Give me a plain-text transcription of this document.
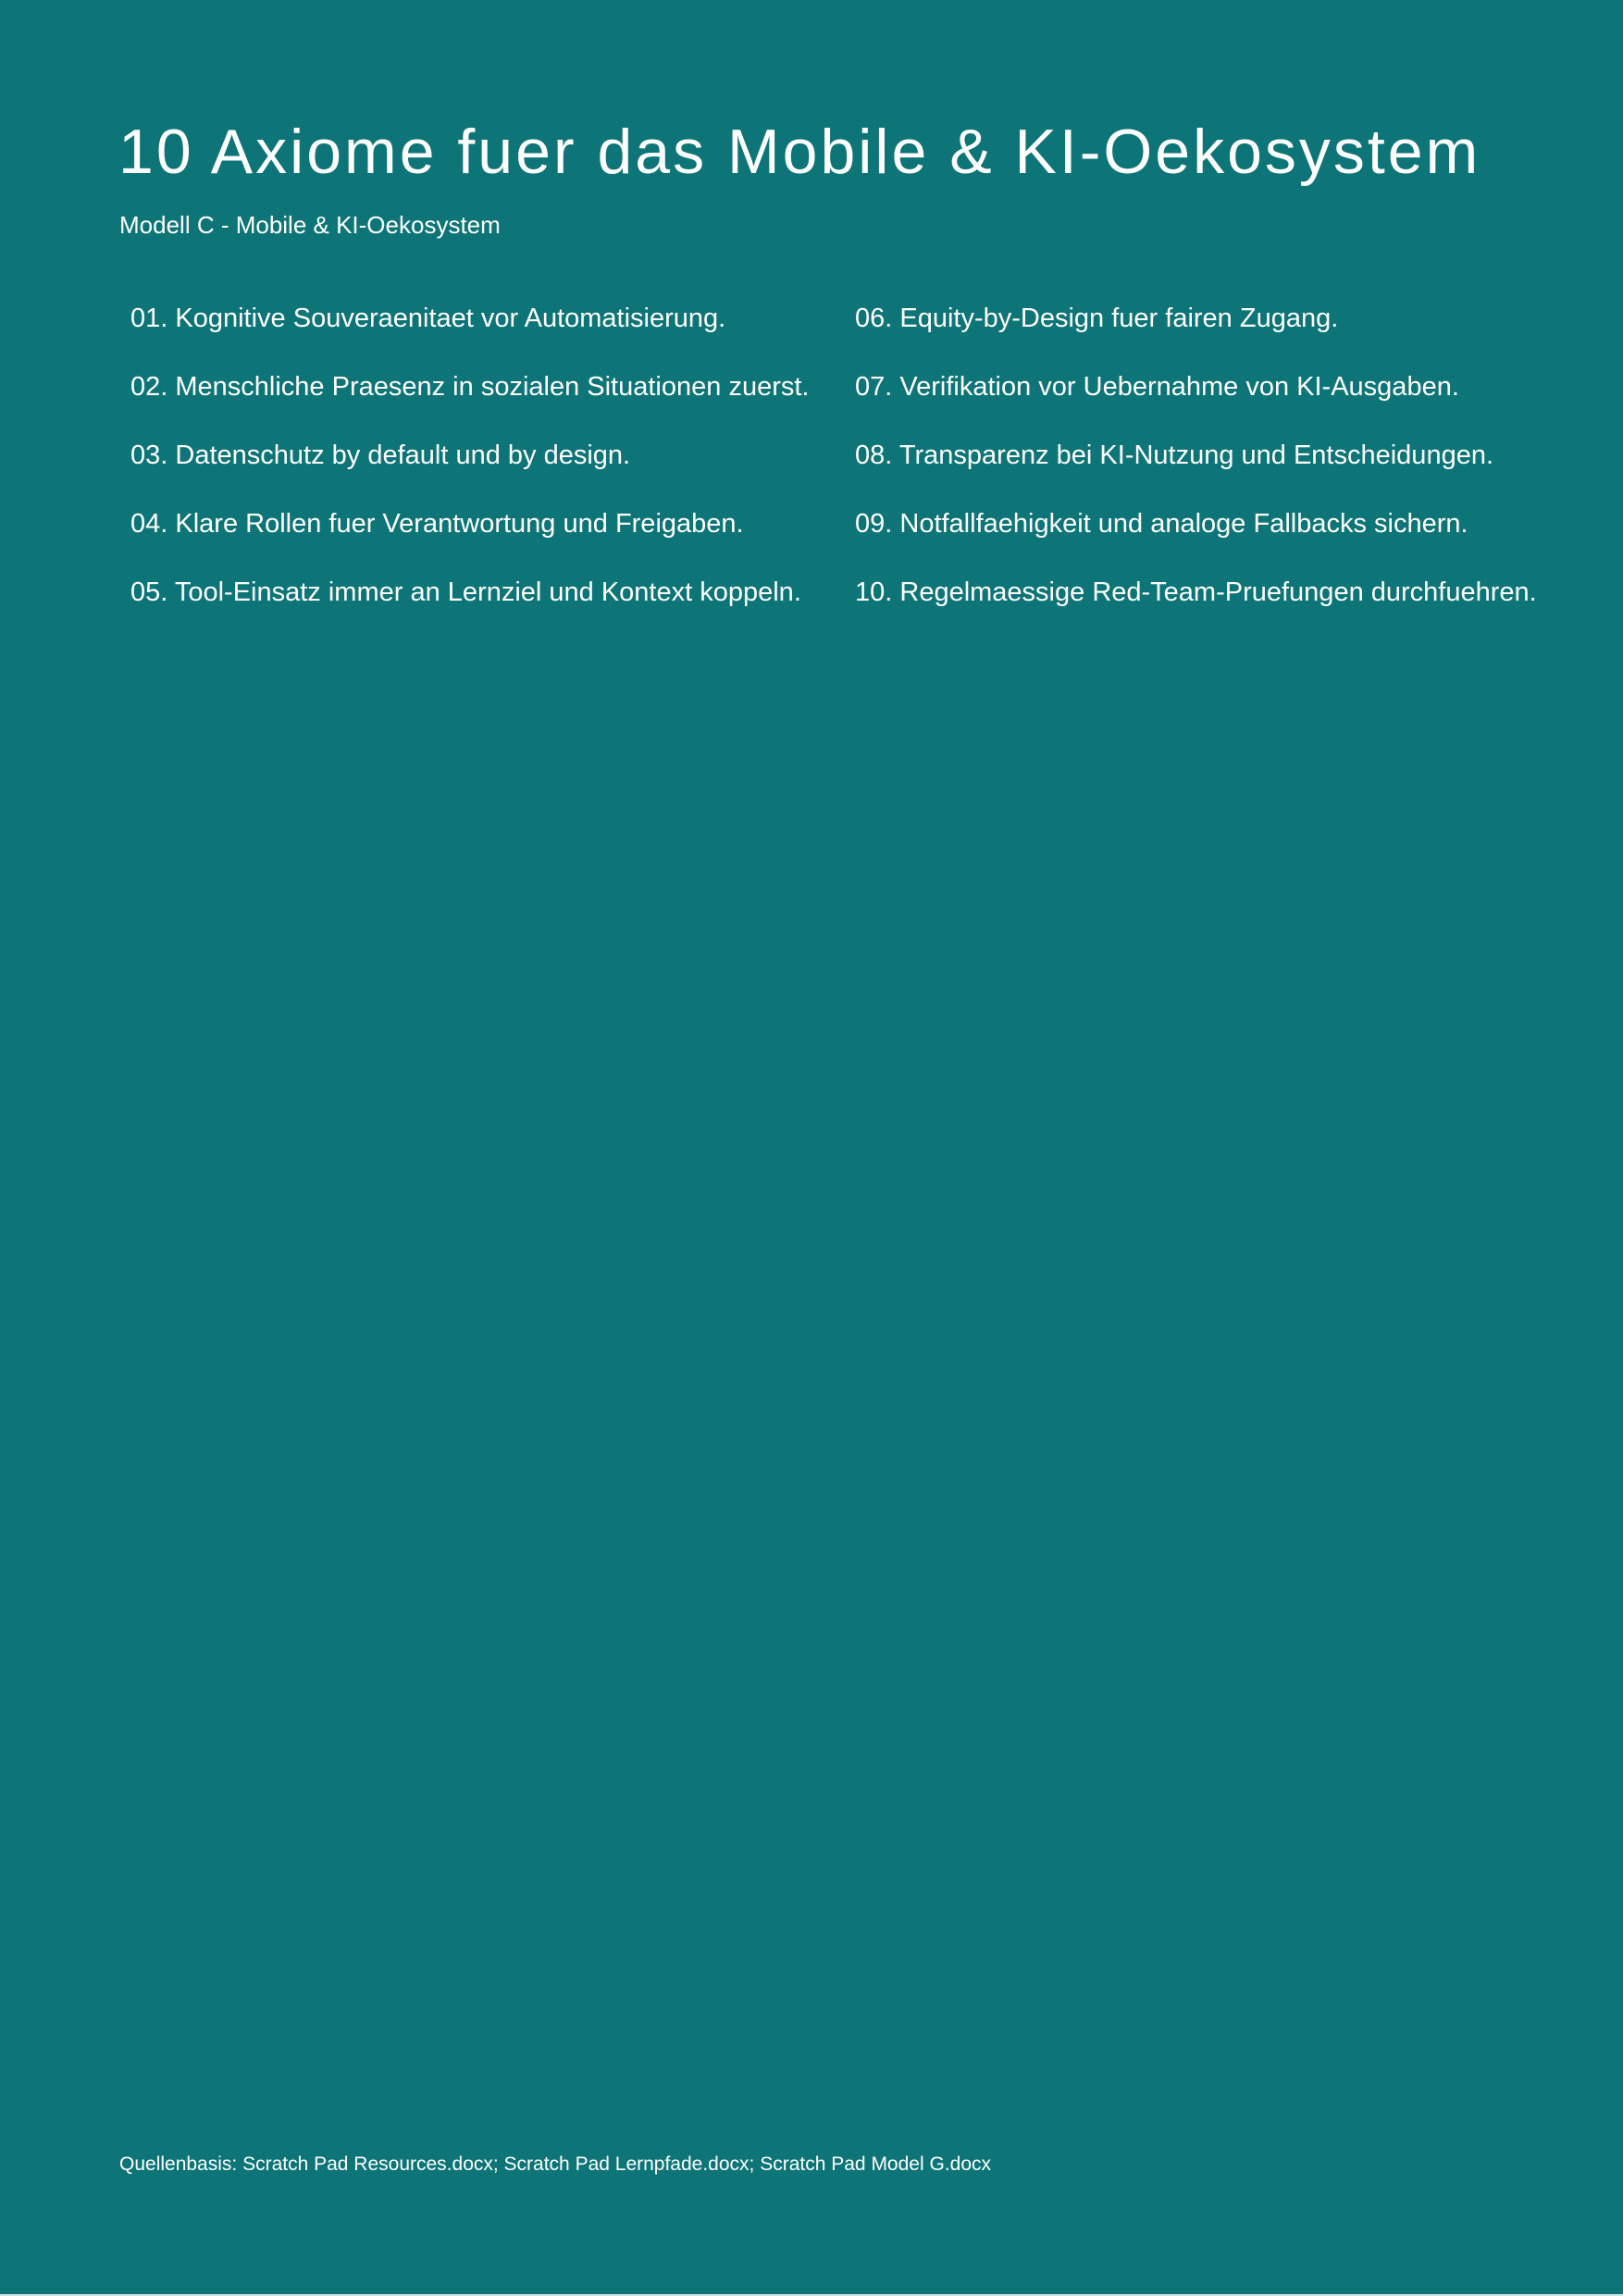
10 Axiome fuer das Mobile & KI-Oekosystem

Modell C - Mobile & KI-Oekosystem

01. Kognitive Souveraenitaet vor Automatisierung.
02. Menschliche Praesenz in sozialen Situationen zuerst.
03. Datenschutz by default und by design.
04. Klare Rollen fuer Verantwortung und Freigaben.
05. Tool-Einsatz immer an Lernziel und Kontext koppeln.
06. Equity-by-Design fuer fairen Zugang.
07. Verifikation vor Uebernahme von KI-Ausgaben.
08. Transparenz bei KI-Nutzung und Entscheidungen.
09. Notfallfaehigkeit und analoge Fallbacks sichern.
10. Regelmaessige Red-Team-Pruefungen durchfuehren.

Quellenbasis: Scratch Pad Resources.docx; Scratch Pad Lernpfade.docx; Scratch Pad Model G.docx
